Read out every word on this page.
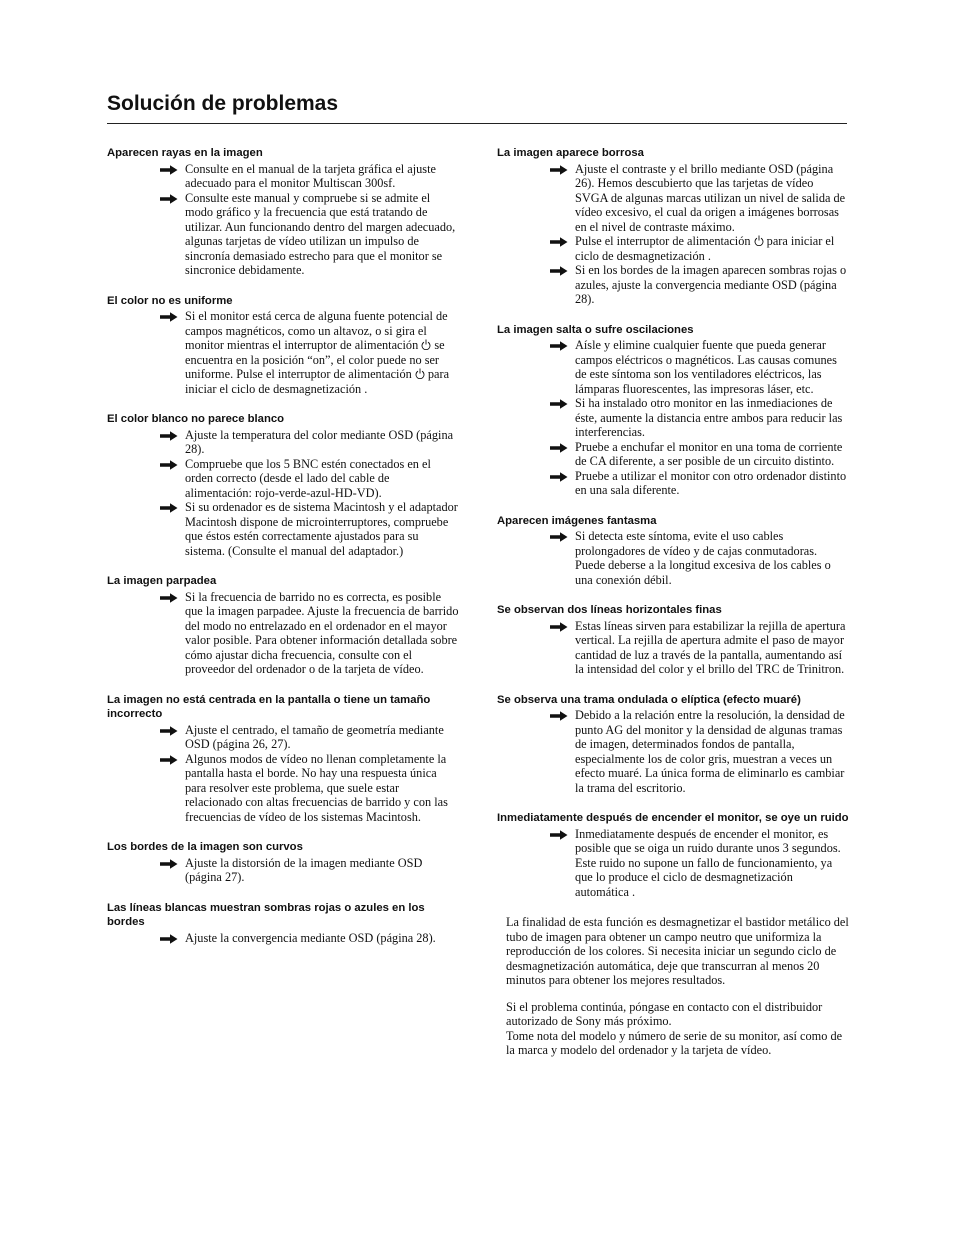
Solución de problemas
Aparecen rayas en la imagen
Consulte en el manual de la tarjeta gráfica el ajuste adecuado para el monitor Multiscan 300sf.
Consulte este manual y compruebe si se admite el modo gráfico y la frecuencia que está tratando de utilizar. Aun funcionando dentro del margen adecuado, algunas tarjetas de vídeo utilizan un impulso de sincronía demasiado estrecho para que el monitor se sincronice debidamente.
El color no es uniforme
Si el monitor está cerca de alguna fuente potencial de campos magnéticos, como un altavoz, o si gira el monitor mientras el interruptor de alimentación  se encuentra en la posición “on”, el color puede no ser uniforme. Pulse el interruptor de alimentación  para iniciar el ciclo de desmagnetización .
El color blanco no parece blanco
Ajuste la temperatura del color mediante OSD (página 28).
Compruebe que los 5 BNC estén conectados en el orden correcto (desde el lado del cable de alimentación: rojo-verde-azul-HD-VD).
Si su ordenador es de sistema Macintosh y el adaptador Macintosh dispone de microinterruptores, compruebe que éstos estén correctamente ajustados para su sistema. (Consulte el manual del adaptador.)
La imagen parpadea
Si la frecuencia de barrido no es correcta, es posible que la imagen parpadee. Ajuste la frecuencia de barrido del modo no entrelazado en el ordenador en el mayor valor posible. Para obtener información detallada sobre cómo ajustar dicha frecuencia, consulte con el proveedor del ordenador o de la tarjeta de vídeo.
La imagen no está centrada en la pantalla o tiene un tamaño incorrecto
Ajuste el centrado, el tamaño de geometría mediante OSD (página 26, 27).
Algunos modos de vídeo no llenan completamente la pantalla hasta el borde. No hay una respuesta única para resolver este problema, que suele estar relacionado con altas frecuencias de barrido y con las frecuencias de vídeo de los sistemas Macintosh.
Los bordes de la imagen son curvos
Ajuste la distorsión de la imagen mediante OSD (página 27).
Las líneas blancas muestran sombras rojas o azules en los bordes
Ajuste la convergencia mediante OSD (página 28).
La imagen aparece borrosa
Ajuste el contraste y el brillo mediante OSD (página 26). Hemos descubierto que las tarjetas de vídeo SVGA de algunas marcas utilizan un nivel de salida de vídeo excesivo, el cual da origen a imágenes borrosas en el nivel de contraste máximo.
Pulse el interruptor de alimentación  para iniciar el ciclo de desmagnetización .
Si en los bordes de la imagen aparecen sombras rojas o azules, ajuste la convergencia mediante OSD (página 28).
La imagen salta o sufre oscilaciones
Aísle y elimine cualquier fuente que pueda generar campos eléctricos o magnéticos. Las causas comunes de este síntoma son los ventiladores eléctricos, las lámparas fluorescentes, las impresoras láser, etc.
Si ha instalado otro monitor en las inmediaciones de éste, aumente la distancia entre ambos para reducir las interferencias.
Pruebe a enchufar el monitor en una toma de corriente de CA diferente, a ser posible de un circuito distinto.
Pruebe a utilizar el monitor con otro ordenador distinto en una sala diferente.
Aparecen imágenes fantasma
Si detecta este síntoma, evite el uso cables prolongadores de vídeo y de cajas conmutadoras. Puede deberse a la longitud excesiva de los cables o una conexión débil.
Se observan dos líneas horizontales finas
Estas líneas sirven para estabilizar la rejilla de apertura vertical. La rejilla de apertura admite el paso de mayor cantidad de luz a través de la pantalla, aumentando así la intensidad del color y el brillo del TRC de Trinitron.
Se observa una trama ondulada o elíptica (efecto muaré)
Debido a la relación entre la resolución, la densidad de punto AG del monitor y la densidad de algunas tramas de imagen, determinados fondos de pantalla, especialmente los de color gris, muestran a veces un efecto muaré. La única forma de eliminarlo es cambiar la trama del escritorio.
Inmediatamente después de encender el monitor, se oye un ruido
Inmediatamente después de encender el monitor, es posible que se oiga un ruido durante unos 3 segundos. Este ruido no supone un fallo de funcionamiento, ya que lo produce el ciclo de desmagnetización automática .

La finalidad de esta función es desmagnetizar el bastidor metálico del tubo de imagen para obtener un campo neutro que uniformiza la reproducción de los colores. Si necesita iniciar un segundo ciclo de desmagnetización automática, deje que transcurran al menos 20 minutos para obtener los mejores resultados.

Si el problema continúa, póngase en contacto con el distribuidor autorizado de Sony más próximo.

Tome nota del modelo y número de serie de su monitor, así como de la marca y modelo del ordenador y la tarjeta de vídeo.
